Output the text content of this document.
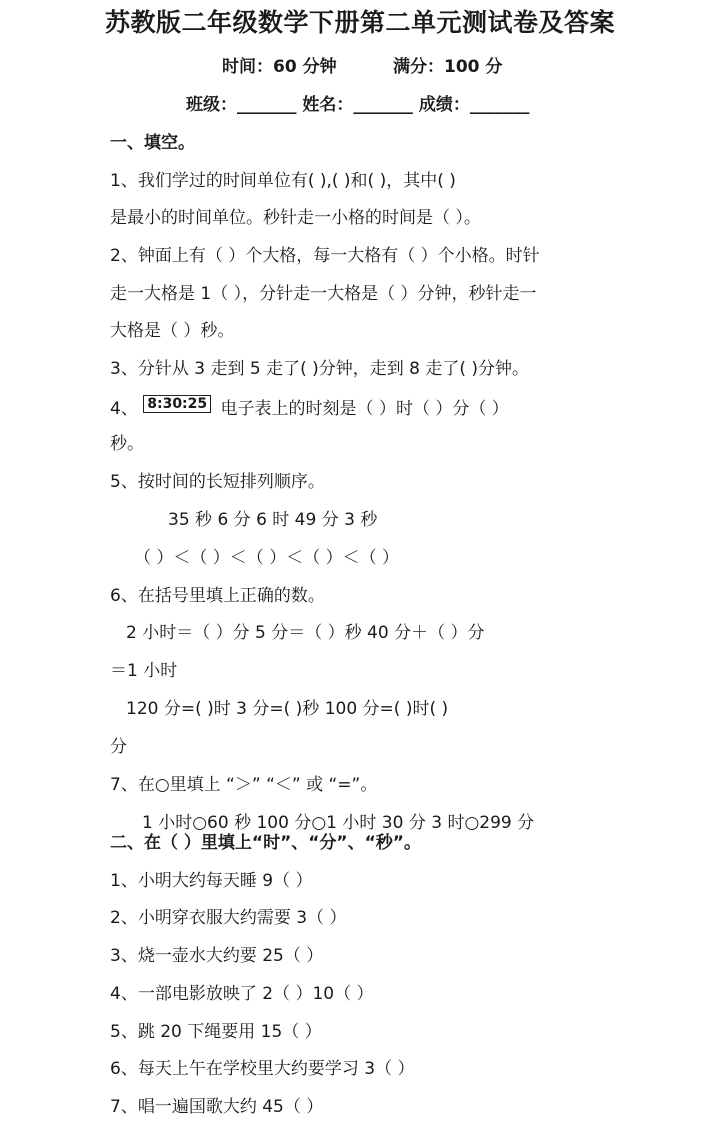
苏教版二年级数学下册第二单元测试卷及答案
时间：60 分钟	满分：100 分
班级：_______ 姓名：_______ 成绩：_______
一、填空。
1、我们学过的时间单位有( ),( )和( )，其中( )
是最小的时间单位。秒针走一小格的时间是（ ）。
2、钟面上有（ ）个大格，每一大格有（ ）个小格。时针
走一大格是 1（ ），分针走一大格是（ ）分钟，秒针走一
大格是（ ）秒。
3、分针从 3 走到 5 走了( )分钟，走到 8 走了( )分钟。
4、 8:30:25 电子表上的时刻是（ ）时（ ）分（ ）
秒。
5、按时间的长短排列顺序。
35 秒 6 分 6 时 49 分 3 秒
（ ）＜（ ）＜（ ）＜（ ）＜（ ）
6、在括号里填上正确的数。
2 小时＝（ ）分 5 分＝（ ）秒 40 分＋（ ）分
＝1 小时
120 分=( )时 3 分=( )秒 100 分=( )时( )
分
7、在○里填上 “＞” “＜” 或 “=”。
1 小时○60 秒 100 分○1 小时 30 分 3 时○299 分
二、在（ ）里填上“时”、“分”、“秒”。
1、小明大约每天睡 9（ ）
2、小明穿衣服大约需要 3（ ）
3、烧一壶水大约要 25（ ）
4、一部电影放映了 2（ ）10（ ）
5、跳 20 下绳要用 15（ ）
6、每天上午在学校里大约要学习 3（ ）
7、唱一遍国歌大约 45（ ）
